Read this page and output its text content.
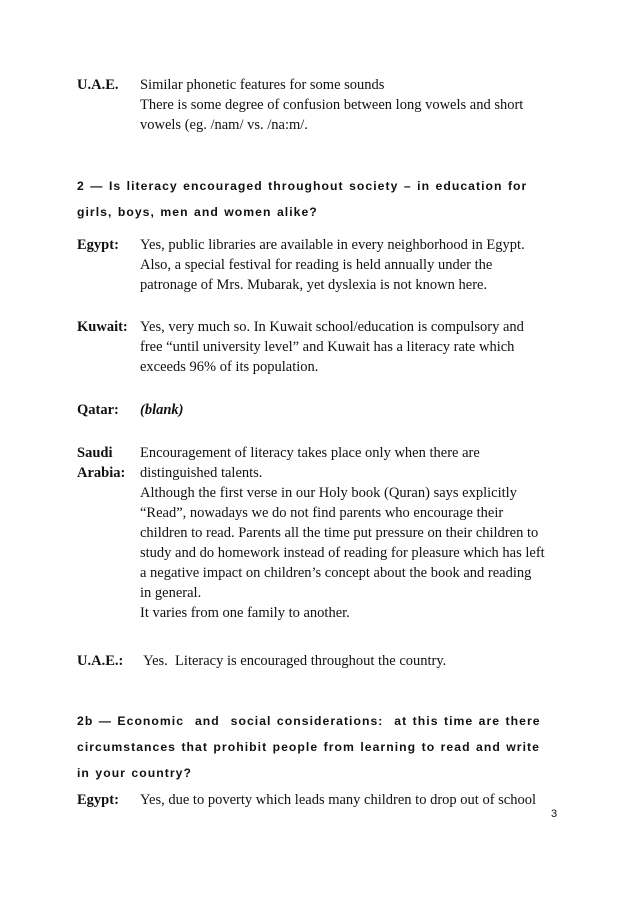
U.A.E. Similar phonetic features for some sounds
There is some degree of confusion between long vowels and short
vowels (eg. /nam/ vs. /na:m/.
2 — Is literacy encouraged throughout society – in education for
girls, boys, men and women alike?
Egypt: Yes, public libraries are available in every neighborhood in Egypt.
Also, a special festival for reading is held annually under the
patronage of Mrs. Mubarak, yet dyslexia is not known here.
Kuwait: Yes, very much so. In Kuwait school/education is compulsory and
free “until university level” and Kuwait has a literacy rate which
exceeds 96% of its population.
Qatar: (blank)
Saudi
Arabia:
Encouragement of literacy takes place only when there are
distinguished talents.
Although the first verse in our Holy book (Quran) says explicitly
“Read”, nowadays we do not find parents who encourage their
children to read. Parents all the time put pressure on their children to
study and do homework instead of reading for pleasure which has left
a negative impact on children’s concept about the book and reading
in general.
It varies from one family to another.
U.A.E.: Yes.  Literacy is encouraged throughout the country.
2b — Economic  and  social considerations:  at this time are there
circumstances that prohibit people from learning to read and write
in your country?
Egypt: Yes, due to poverty which leads many children to drop out of school
3
